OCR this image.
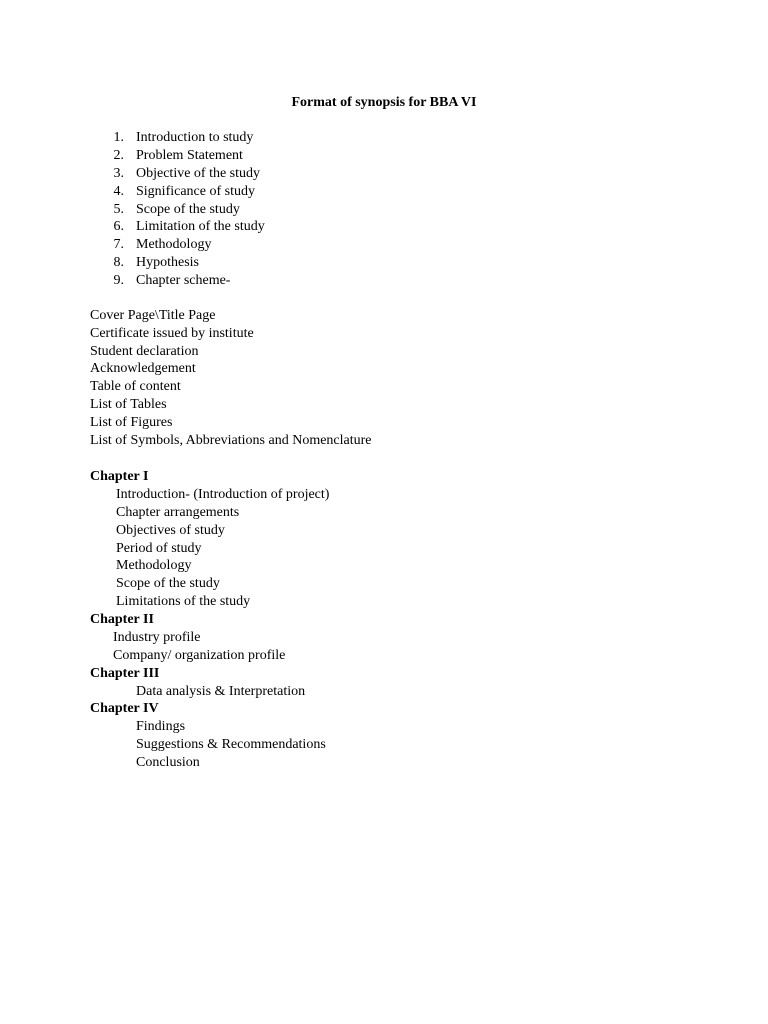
Format of synopsis for BBA VI
1. Introduction to study
2. Problem Statement
3. Objective of the study
4. Significance of study
5. Scope of the study
6. Limitation of the study
7. Methodology
8. Hypothesis
9. Chapter scheme-
Cover Page\Title Page
Certificate issued by institute
Student declaration
Acknowledgement
Table of content
List of Tables
List of Figures
List of Symbols, Abbreviations and Nomenclature
Chapter I
Introduction- (Introduction of project)
Chapter arrangements
Objectives of study
Period of study
Methodology
Scope of the study
Limitations of the study
Chapter II
Industry profile
Company/ organization profile
Chapter III
Data analysis & Interpretation
Chapter IV
Findings
Suggestions & Recommendations
Conclusion
